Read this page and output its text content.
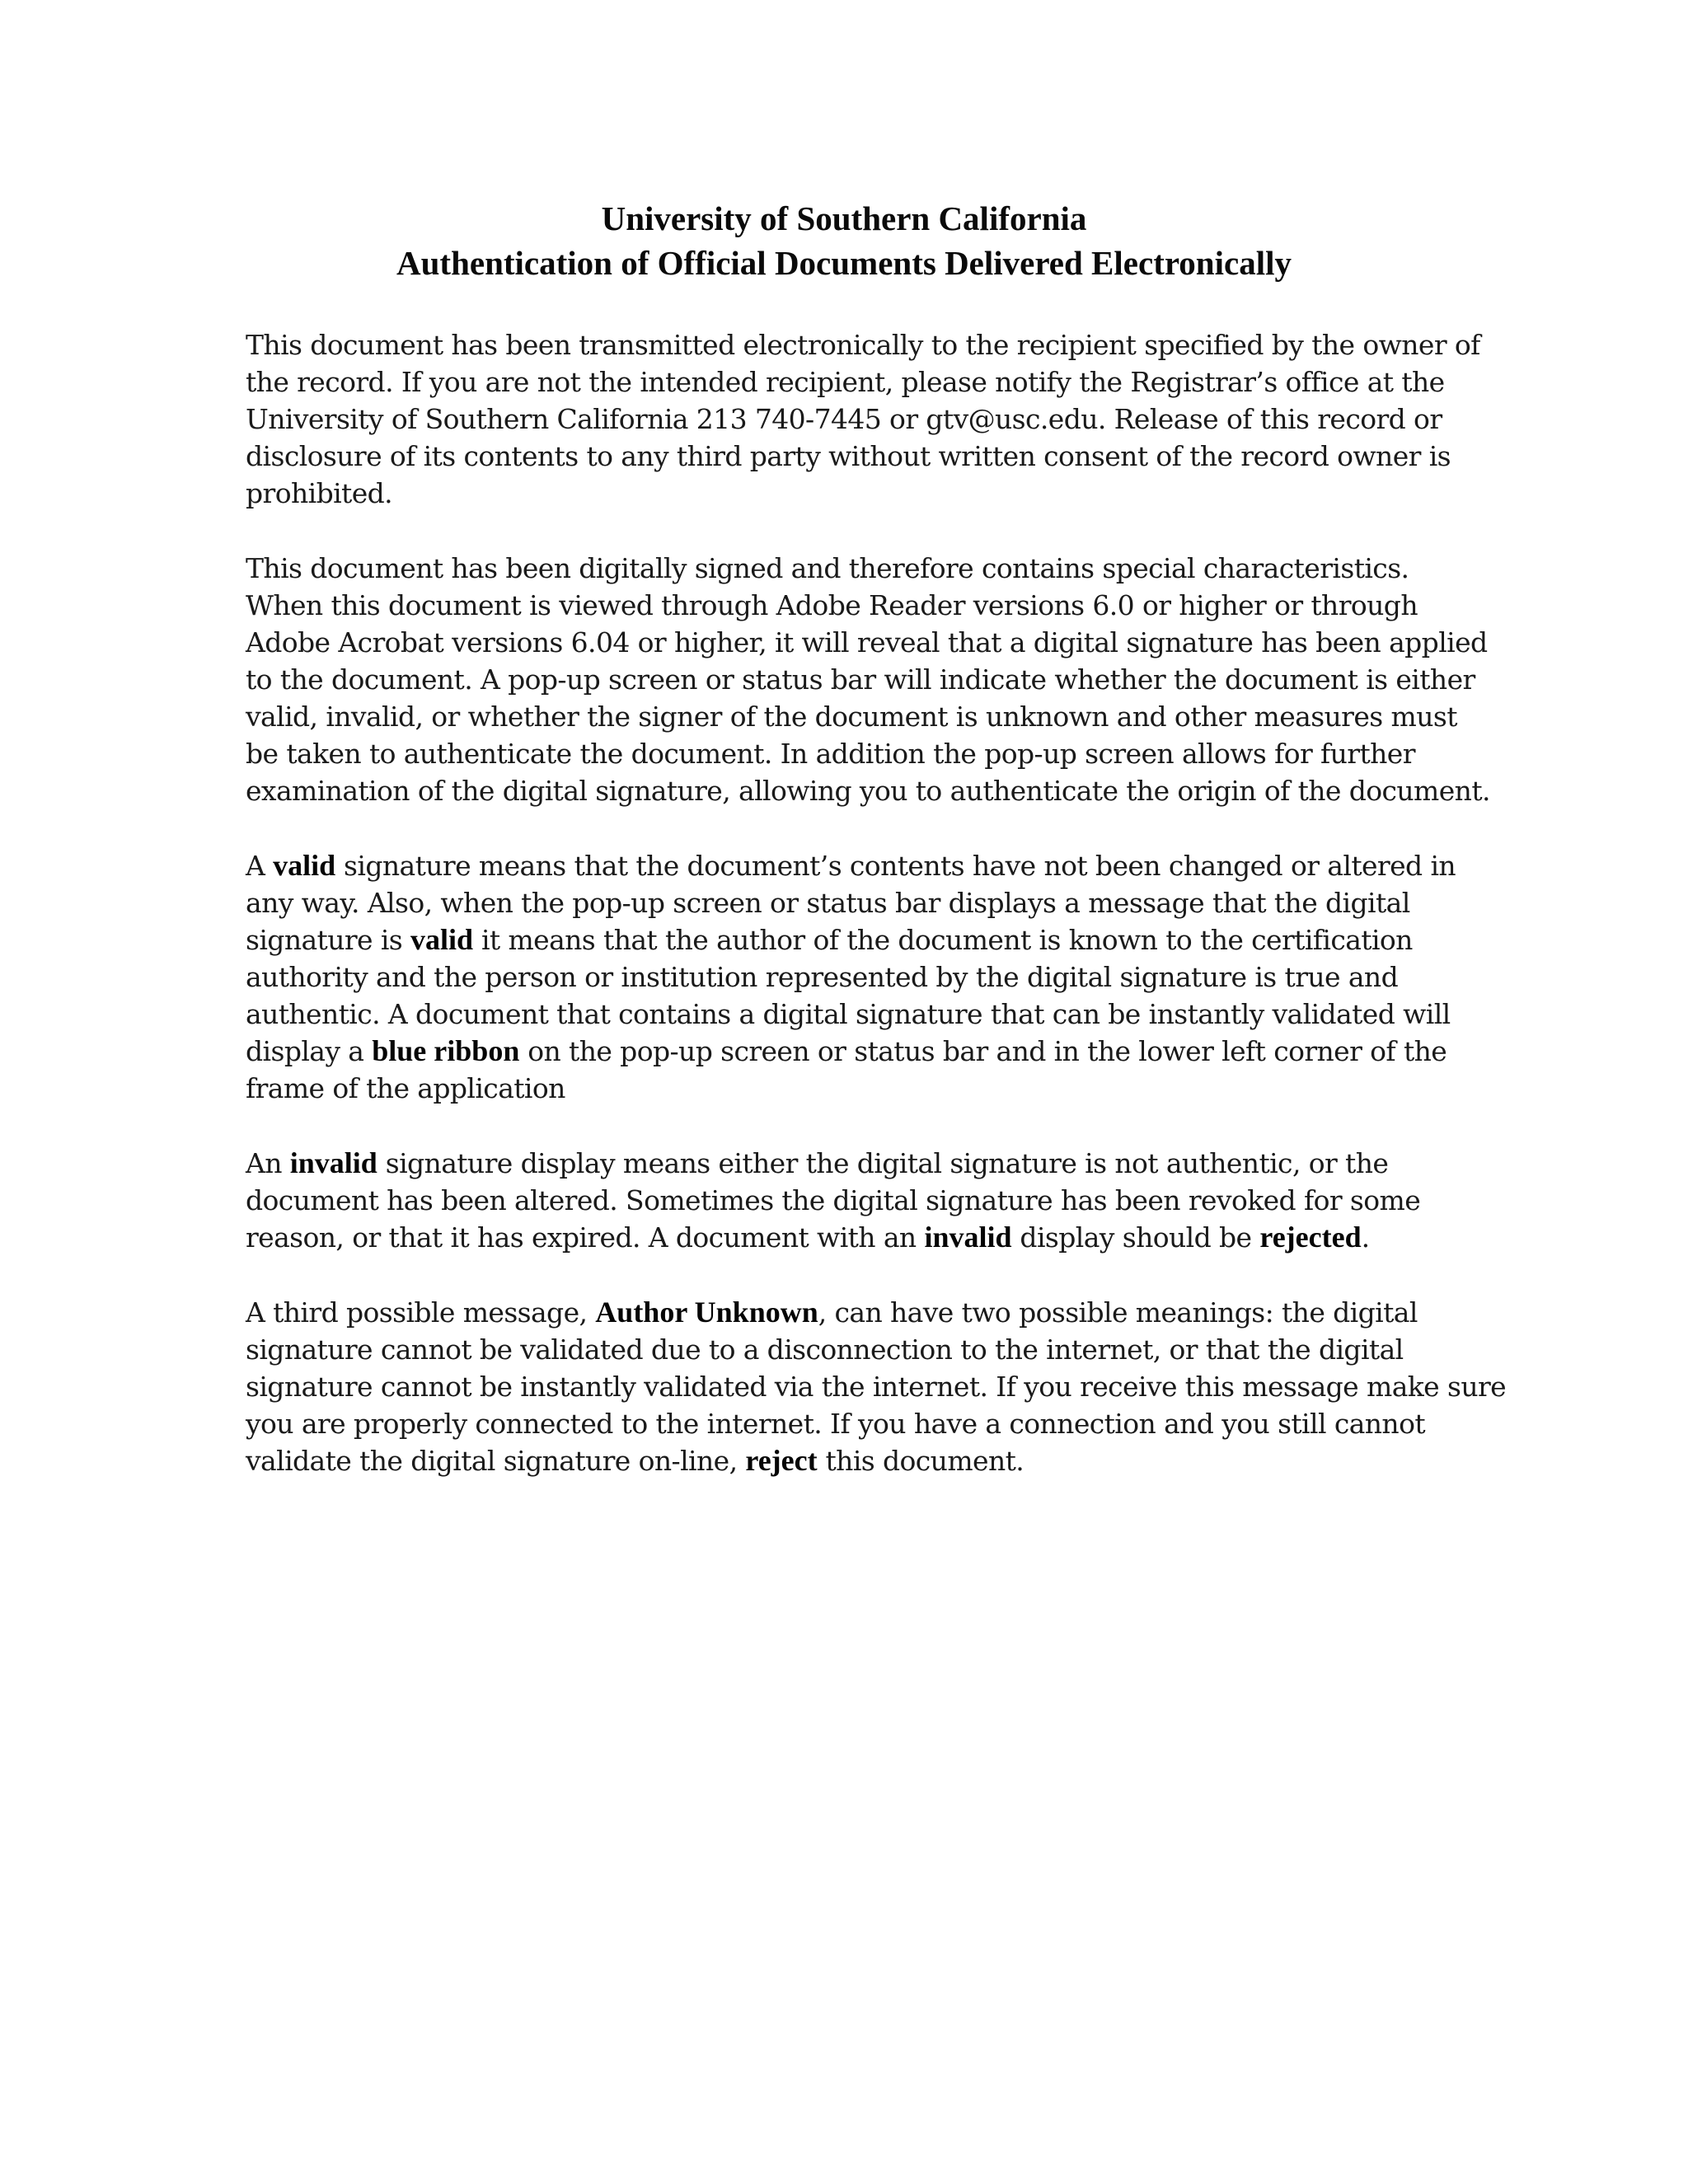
University of Southern California
Authentication of Official Documents Delivered Electronically

This document has been transmitted electronically to the recipient specified by the owner of
the record. If you are not the intended recipient, please notify the Registrar’s office at the
University of Southern California 213 740-7445 or gtv@usc.edu. Release of this record or
disclosure of its contents to any third party without written consent of the record owner is
prohibited.

This document has been digitally signed and therefore contains special characteristics.
When this document is viewed through Adobe Reader versions 6.0 or higher or through
Adobe Acrobat versions 6.04 or higher, it will reveal that a digital signature has been applied
to the document. A pop-up screen or status bar will indicate whether the document is either
valid, invalid, or whether the signer of the document is unknown and other measures must
be taken to authenticate the document. In addition the pop-up screen allows for further
examination of the digital signature, allowing you to authenticate the origin of the document.

A valid signature means that the document’s contents have not been changed or altered in
any way. Also, when the pop-up screen or status bar displays a message that the digital
signature is valid it means that the author of the document is known to the certification
authority and the person or institution represented by the digital signature is true and
authentic. A document that contains a digital signature that can be instantly validated will
display a blue ribbon on the pop-up screen or status bar and in the lower left corner of the
frame of the application

An invalid signature display means either the digital signature is not authentic, or the
document has been altered. Sometimes the digital signature has been revoked for some
reason, or that it has expired. A document with an invalid display should be rejected.

A third possible message, Author Unknown, can have two possible meanings: the digital
signature cannot be validated due to a disconnection to the internet, or that the digital
signature cannot be instantly validated via the internet. If you receive this message make sure
you are properly connected to the internet. If you have a connection and you still cannot
validate the digital signature on-line, reject this document.
